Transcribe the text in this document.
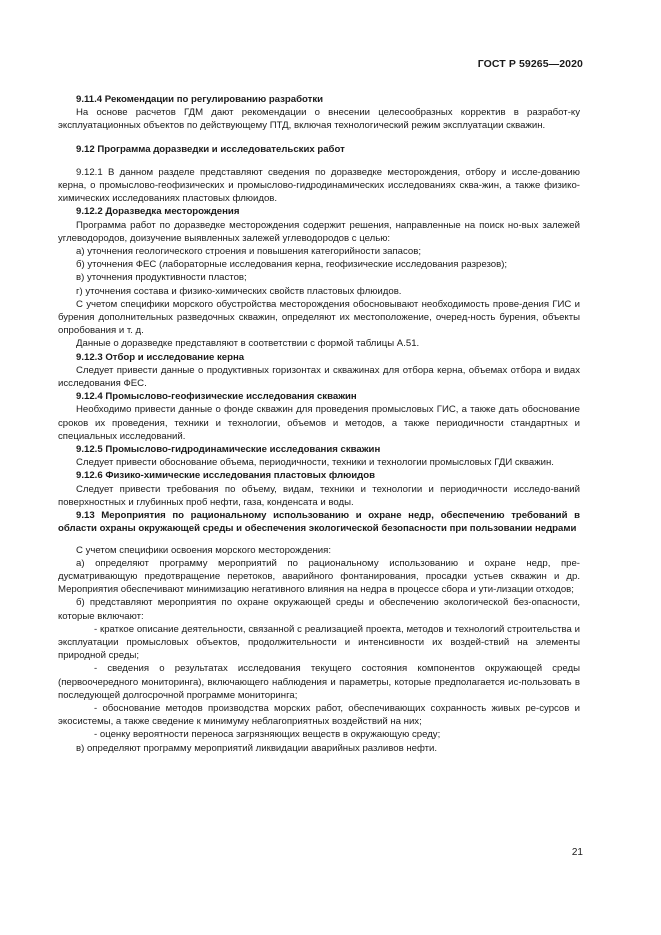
ГОСТ Р 59265—2020
9.11.4 Рекомендации по регулированию разработки
На основе расчетов ГДМ дают рекомендации о внесении целесообразных корректив в разработ-ку эксплуатационных объектов по действующему ПТД, включая технологический режим эксплуатации скважин.
9.12 Программа доразведки и исследовательских работ
9.12.1 В данном разделе представляют сведения по доразведке месторождения, отбору и иссле-дованию керна, о промыслово-геофизических и промыслово-гидродинамических исследованиях сква-жин, а также физико-химических исследованиях пластовых флюидов.
9.12.2 Доразведка месторождения
Программа работ по доразведке месторождения содержит решения, направленные на поиск но-вых залежей углеводородов, доизучение выявленных залежей углеводородов с целью:
а) уточнения геологического строения и повышения категорийности запасов;
б) уточнения ФЕС (лабораторные исследования керна, геофизические исследования разрезов);
в) уточнения продуктивности пластов;
г) уточнения состава и физико-химических свойств пластовых флюидов.
С учетом специфики морского обустройства месторождения обосновывают необходимость прове-дения ГИС и бурения дополнительных разведочных скважин, определяют их местоположение, очеред-ность бурения, объекты опробования и т. д.
Данные о доразведке представляют в соответствии с формой таблицы А.51.
9.12.3 Отбор и исследование керна
Следует привести данные о продуктивных горизонтах и скважинах для отбора керна, объемах отбора и видах исследования ФЕС.
9.12.4 Промыслово-геофизические исследования скважин
Необходимо привести данные о фонде скважин для проведения промысловых ГИС, а также дать обоснование сроков их проведения, техники и технологии, объемов и методов, а также периодичности стандартных и специальных исследований.
9.12.5 Промыслово-гидродинамические исследования скважин
Следует привести обоснование объема, периодичности, техники и технологии промысловых ГДИ скважин.
9.12.6 Физико-химические исследования пластовых флюидов
Следует привести требования по объему, видам, техники и технологии и периодичности исследо-ваний поверхностных и глубинных проб нефти, газа, конденсата и воды.
9.13 Мероприятия по рациональному использованию и охране недр, обеспечению требований в области охраны окружающей среды и обеспечения экологической безопасности при пользовании недрами
С учетом специфики освоения морского месторождения:
а) определяют программу мероприятий по рациональному использованию и охране недр, пре-дусматривающую предотвращение перетоков, аварийного фонтанирования, просадки устьев скважин и др. Мероприятия обеспечивают минимизацию негативного влияния на недра в процессе сбора и ути-лизации отходов;
б) представляют мероприятия по охране окружающей среды и обеспечению экологической без-опасности, которые включают:
- краткое описание деятельности, связанной с реализацией проекта, методов и технологий строительства и эксплуатации промысловых объектов, продолжительности и интенсивности их воздей-ствий на элементы природной среды;
- сведения о результатах исследования текущего состояния компонентов окружающей среды (первоочередного мониторинга), включающего наблюдения и параметры, которые предполагается ис-пользовать в последующей долгосрочной программе мониторинга;
- обоснование методов производства морских работ, обеспечивающих сохранность живых ре-сурсов и экосистемы, а также сведение к минимуму неблагоприятных воздействий на них;
- оценку вероятности переноса загрязняющих веществ в окружающую среду;
в) определяют программу мероприятий ликвидации аварийных разливов нефти.
21
